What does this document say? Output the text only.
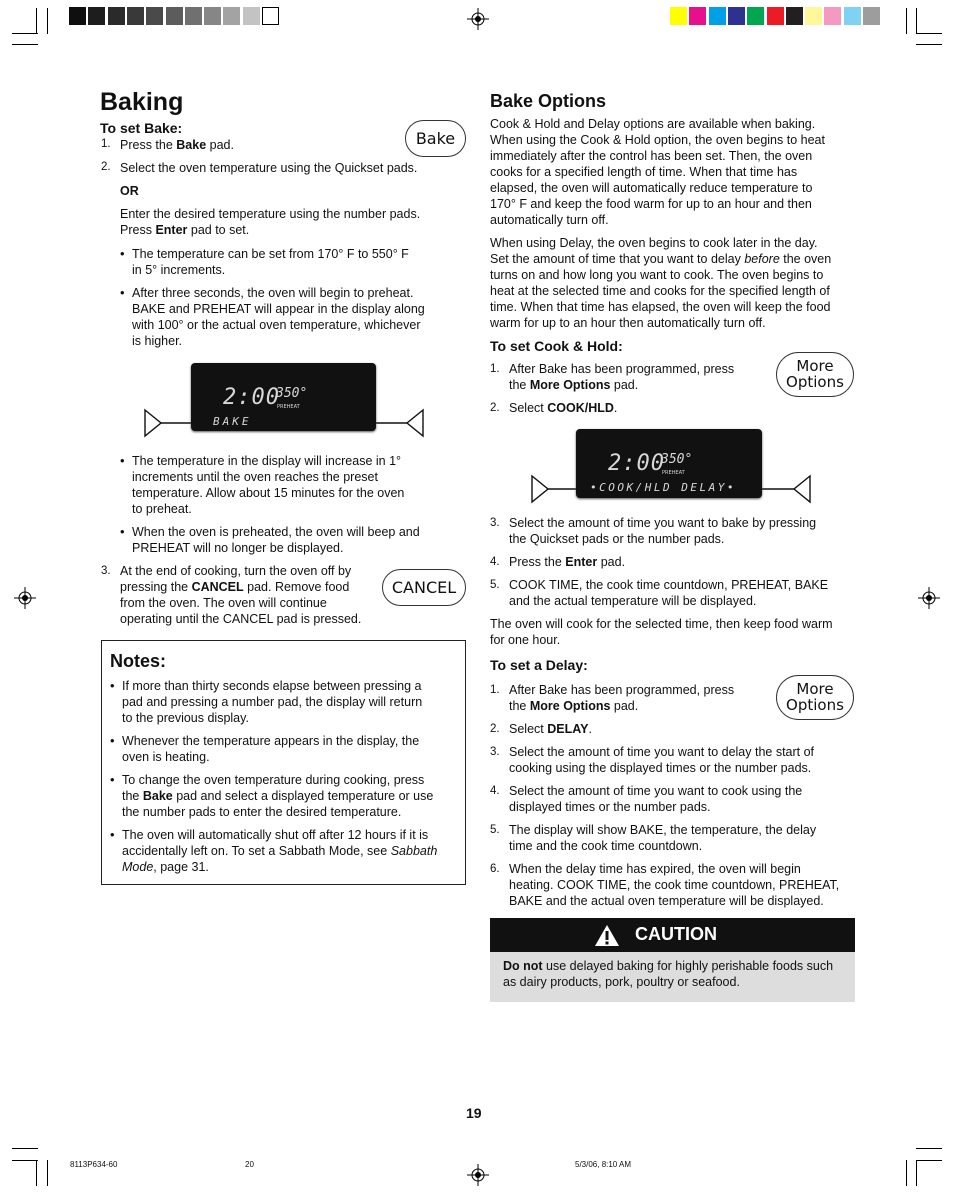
Baking
To set Bake:
Bake
1. Press the Bake pad.

2. Select the oven temperature using the Quickset pads.

OR

Enter the desired temperature using the number pads.

Press Enter pad to set.

• The temperature can be set from 170° F to 550° F

in 5° increments.

• After three seconds, the oven will begin to preheat.

BAKE and PREHEAT will appear in the display along

with 100° or the actual oven temperature, whichever

is higher.

2:00
350°
PREHEAT
BAKE
• The temperature in the display will increase in 1°

increments until the oven reaches the preset

temperature. Allow about 15 minutes for the oven

to preheat.

• When the oven is preheated, the oven will beep and

PREHEAT will no longer be displayed.

3. At the end of cooking, turn the oven off by

pressing the CANCEL pad. Remove food

from the oven. The oven will continue

operating until the CANCEL pad is pressed.

CANCEL
Notes:
• If more than thirty seconds elapse between pressing a

pad and pressing a number pad, the display will return

to the previous display.

• Whenever the temperature appears in the display, the

oven is heating.

• To change the oven temperature during cooking, press

the Bake pad and select a displayed temperature or use

the number pads to enter the desired temperature.

• The oven will automatically shut off after 12 hours if it is

accidentally left on. To set a Sabbath Mode, see Sabbath

Mode, page 31.

Bake Options

Cook & Hold and Delay options are available when baking.

When using the Cook & Hold option, the oven begins to heat

immediately after the control has been set. Then, the oven

cooks for a specified length of time. When that time has

elapsed, the oven will automatically reduce temperature to

170° F and keep the food warm for up to an hour and then

automatically turn off.

When using Delay, the oven begins to cook later in the day.

Set the amount of time that you want to delay before the oven

turns on and how long you want to cook. The oven begins to

heat at the selected time and cooks for the specified length of

time. When that time has elapsed, the oven will keep the food

warm for up to an hour then automatically turn off.

To set Cook & Hold:
More
Options
1. After Bake has been programmed, press

the More Options pad.

2. Select COOK/HLD.

2:00
350°
PREHEAT
•COOK/HLD DELAY•
3. Select the amount of time you want to bake by pressing

the Quickset pads or the number pads.

4. Press the Enter pad.

5. COOK TIME, the cook time countdown, PREHEAT, BAKE

and the actual temperature will be displayed.

The oven will cook for the selected time, then keep food warm

for one hour.

To set a Delay:
More
Options
1. After Bake has been programmed, press

the More Options pad.

2. Select DELAY.

3. Select the amount of time you want to delay the start of

cooking using the displayed times or the number pads.

4. Select the amount of time you want to cook using the

displayed times or the number pads.

5. The display will show BAKE, the temperature, the delay

time and the cook time countdown.

6. When the delay time has expired, the oven will begin

heating. COOK TIME, the cook time countdown, PREHEAT,

BAKE and the actual oven temperature will be displayed.

CAUTION

Do not use delayed baking for highly perishable foods such

as dairy products, pork, poultry or seafood.

19
8113P634-60	20	5/3/06, 8:10 AM
